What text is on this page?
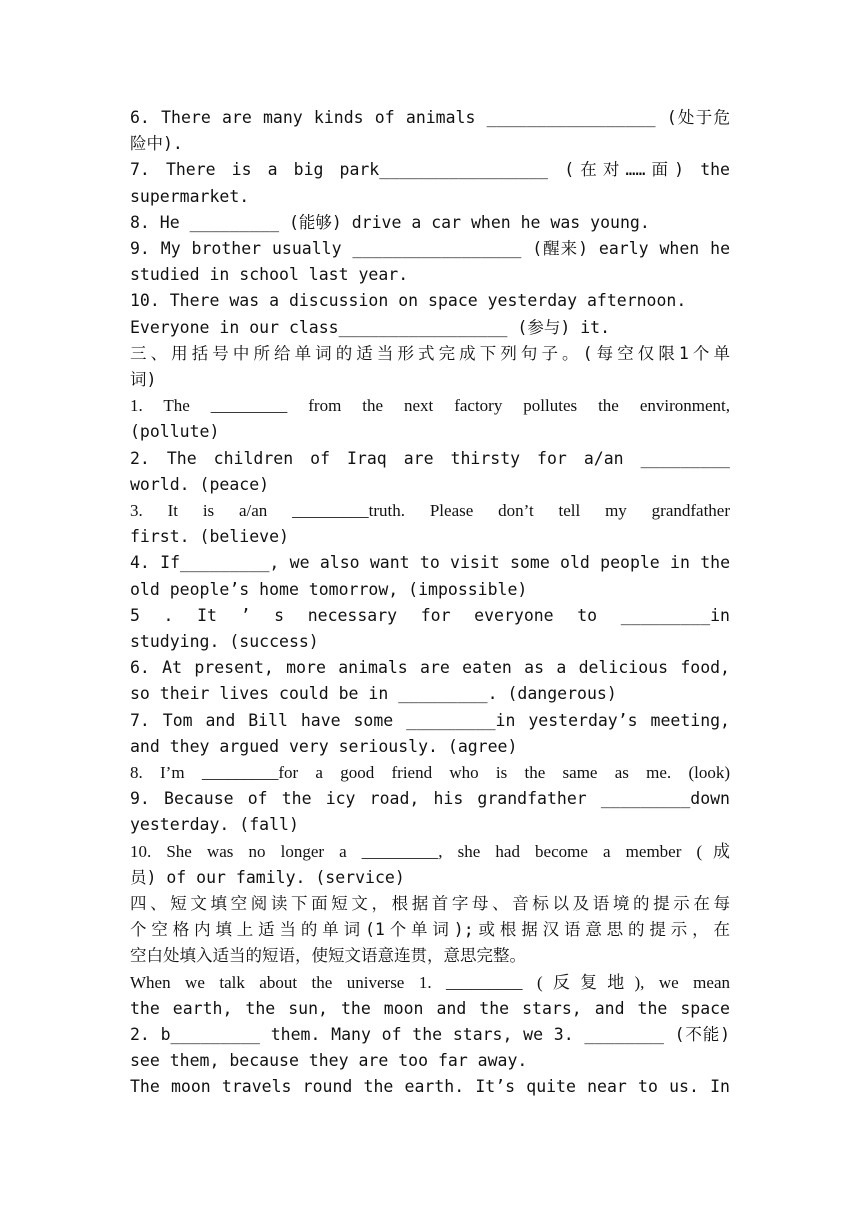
6. There are many kinds of animals _________________ (处于危
险中).
7. There is a big park_________________ (在对……面) the
supermarket.
8. He _________ (能够) drive a car when he was young.
9. My brother usually _________________ (醒来) early when he
studied in school last year.
10. There was a discussion on space yesterday afternoon.
Everyone in our class_________________ (参与) it.
三、用括号中所给单词的适当形式完成下列句子。(每空仅限1个单
词)
1. The _________ from the next factory pollutes the environment,
(pollute)
2. The children of Iraq are thirsty for a/an _________
world. (peace)
3. It is a/an _________truth. Please don’t tell my grandfather
first. (believe)
4. If_________, we also want to visit some old people in the
old people’s home tomorrow, (impossible)
5 . It ’ s necessary for everyone to _________in
studying. (success)
6. At present, more animals are eaten as a delicious food,
so their lives could be in _________. (dangerous)
7. Tom and Bill have some _________in yesterday’s meeting,
and they argued very seriously. (agree)
8. I’m _________for a good friend who is the same as me. (look)
9. Because of the icy road, his grandfather _________down
yesterday. (fall)
10. She was no longer a _________, she had become a member (成
员) of our family. (service)
四、短文填空阅读下面短文，根据首字母、音标以及语境的提示在每
个空格内填上适当的单词(1个单词);或根据汉语意思的提示，在
空白处填入适当的短语，使短文语意连贯，意思完整。
When we talk about the universe 1. _________ (反复地), we mean
the earth, the sun, the moon and the stars, and the space
2. b_________ them. Many of the stars, we 3. ________ (不能)
see them, because they are too far away.
The moon travels round the earth. It’s quite near to us. In
